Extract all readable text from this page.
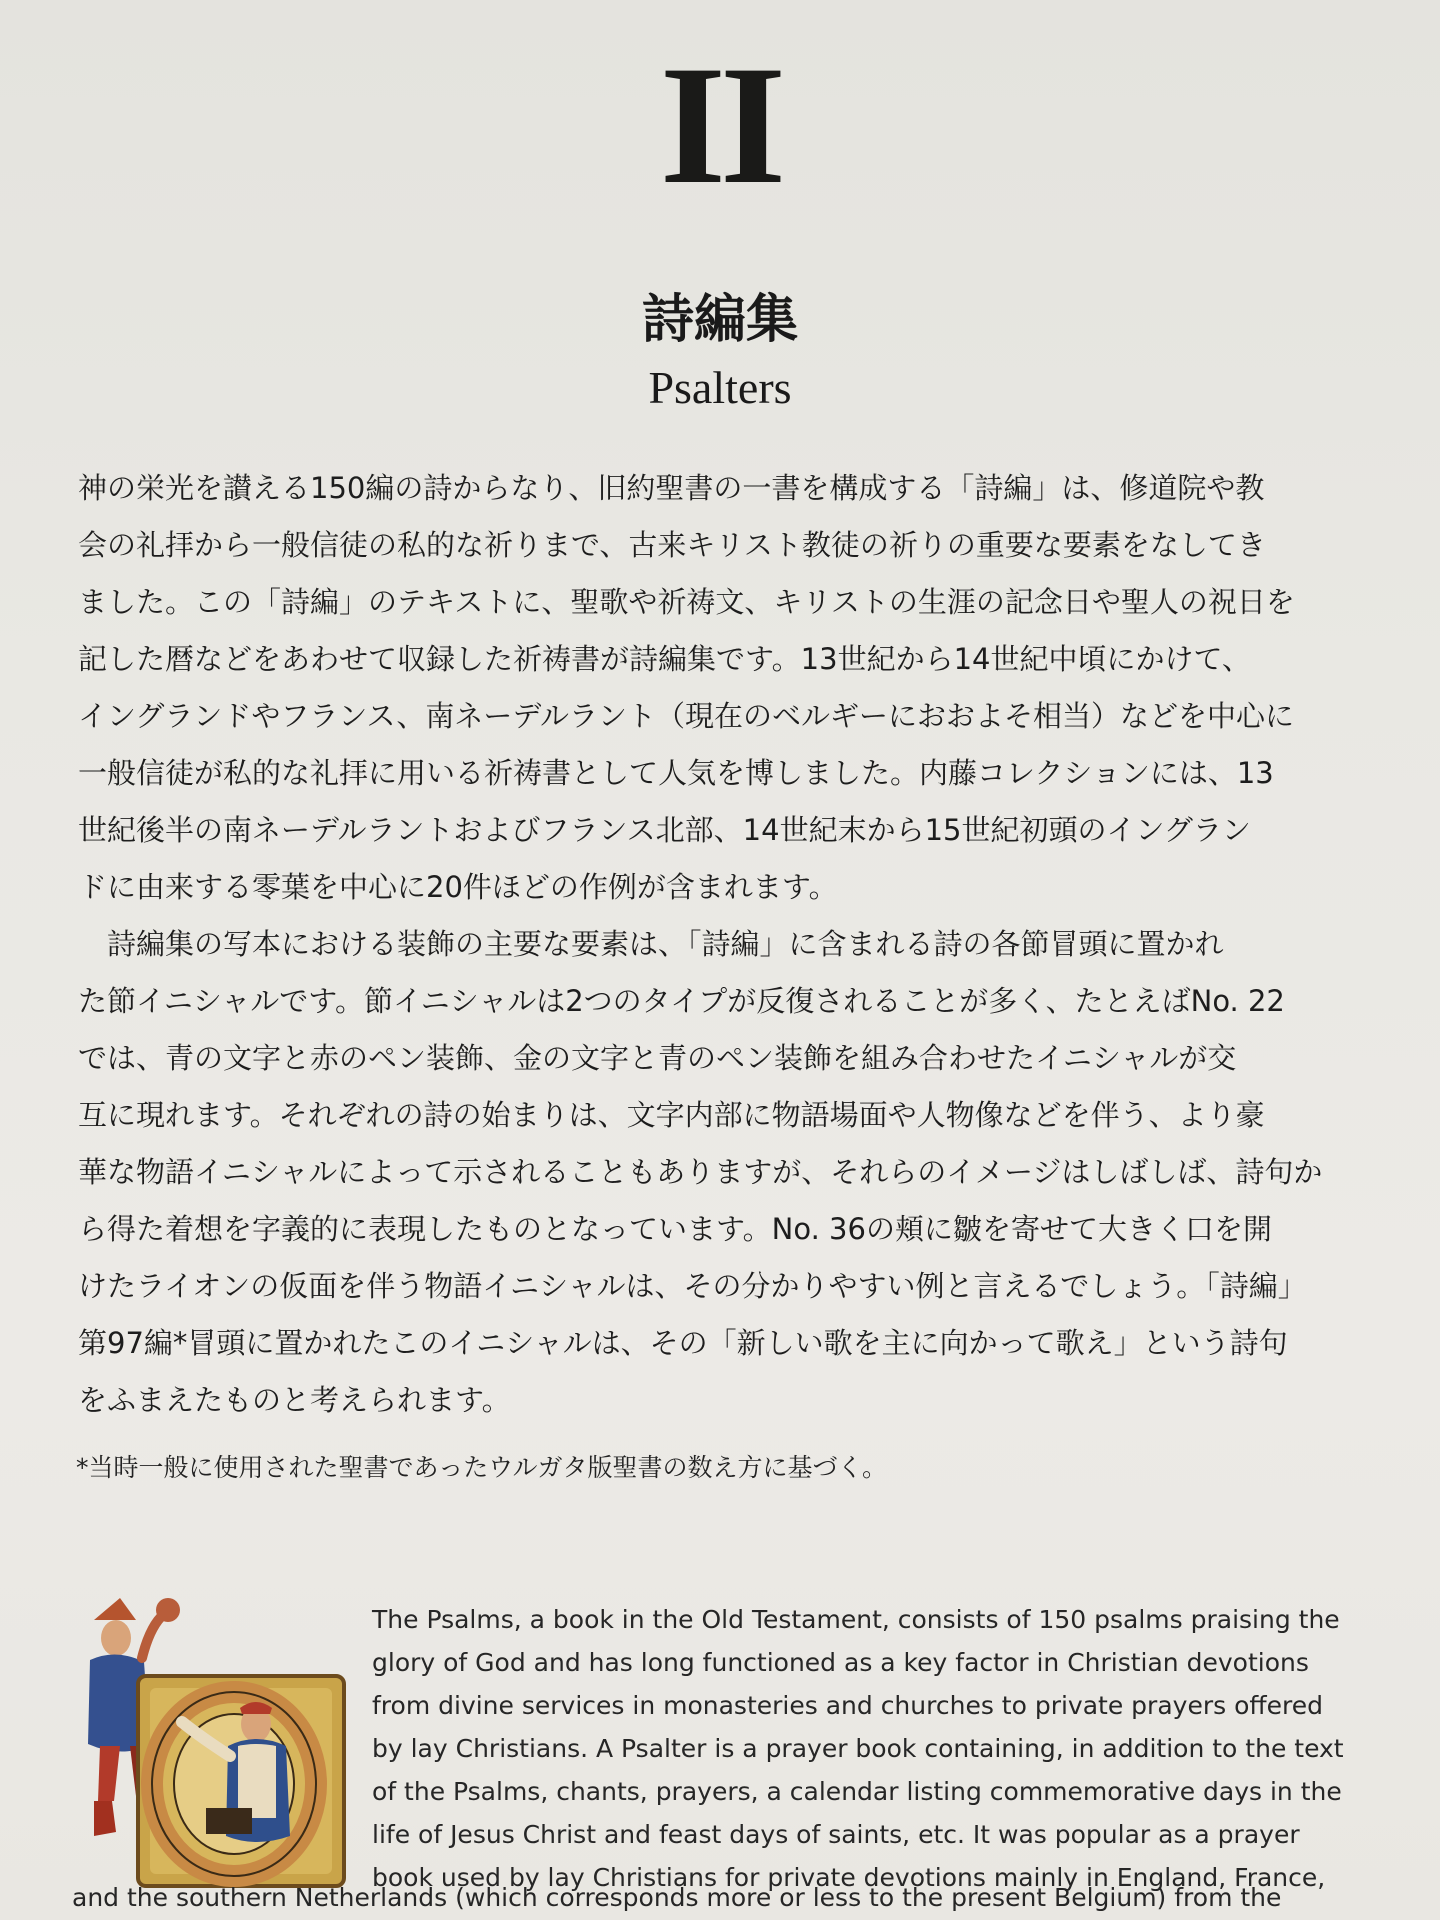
II
詩編集
Psalters

神の栄光を讃える150編の詩からなり、旧約聖書の一書を構成する「詩編」は、修道院や教

会の礼拝から一般信徒の私的な祈りまで、古来キリスト教徒の祈りの重要な要素をなしてき

ました。この「詩編」のテキストに、聖歌や祈祷文、キリストの生涯の記念日や聖人の祝日を

記した暦などをあわせて収録した祈祷書が詩編集です。13世紀から14世紀中頃にかけて、

イングランドやフランス、南ネーデルラント（現在のベルギーにおおよそ相当）などを中心に

一般信徒が私的な礼拝に用いる祈祷書として人気を博しました。内藤コレクションには、13

世紀後半の南ネーデルラントおよびフランス北部、14世紀末から15世紀初頭のイングラン

ドに由来する零葉を中心に20件ほどの作例が含まれます。

　詩編集の写本における装飾の主要な要素は、「詩編」に含まれる詩の各節冒頭に置かれ

た節イニシャルです。節イニシャルは2つのタイプが反復されることが多く、たとえばNo. 22

では、青の文字と赤のペン装飾、金の文字と青のペン装飾を組み合わせたイニシャルが交

互に現れます。それぞれの詩の始まりは、文字内部に物語場面や人物像などを伴う、より豪

華な物語イニシャルによって示されることもありますが、それらのイメージはしばしば、詩句か

ら得た着想を字義的に表現したものとなっています。No. 36の頬に皺を寄せて大きく口を開

けたライオンの仮面を伴う物語イニシャルは、その分かりやすい例と言えるでしょう。「詩編」

第97編*冒頭に置かれたこのイニシャルは、その「新しい歌を主に向かって歌え」という詩句

をふまえたものと考えられます。

*当時一般に使用された聖書であったウルガタ版聖書の数え方に基づく。
The Psalms, a book in the Old Testament, consists of 150 psalms praising the
glory of God and has long functioned as a key factor in Christian devotions
from divine services in monasteries and churches to private prayers offered
by lay Christians. A Psalter is a prayer book containing, in addition to the text
of the Psalms, chants, prayers, a calendar listing commemorative days in the
life of Jesus Christ and feast days of saints, etc. It was popular as a prayer
book used by lay Christians for private devotions mainly in England, France,
and the southern Netherlands (which corresponds more or less to the present Belgium) from the
